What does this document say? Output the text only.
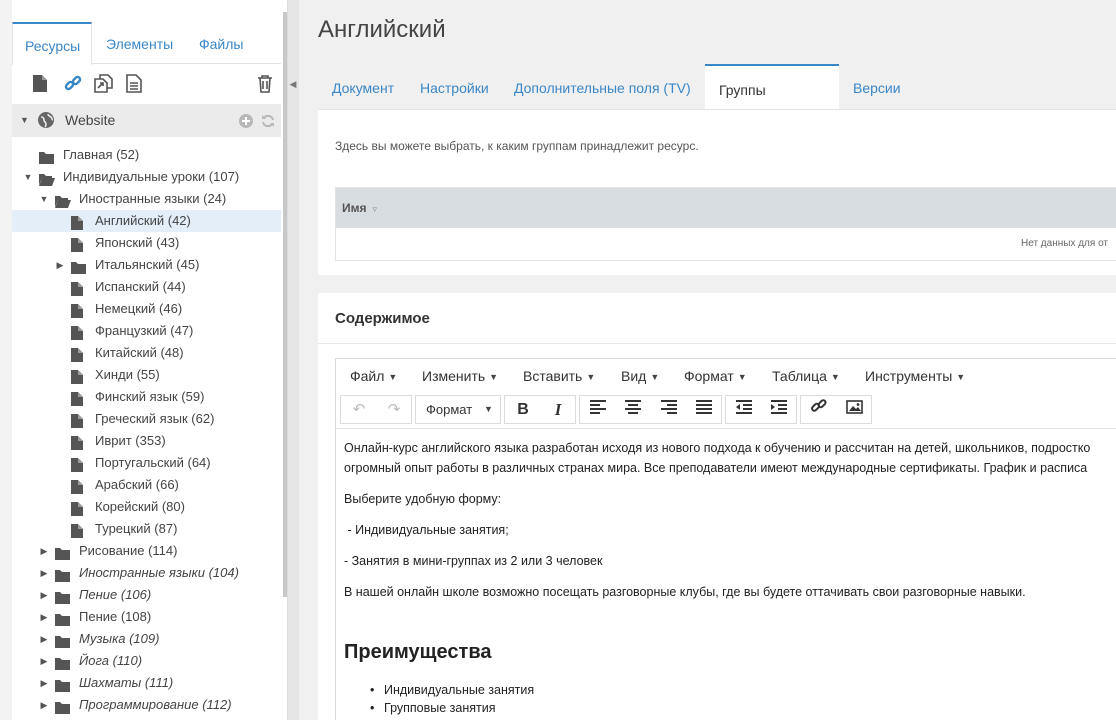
Ресурсы	Элементы	Файлы
▼	Website
Главная (52)
▼ Индивидуальные уроки (107)
▼ Иностранные языки (24)
Английский (42)
Японский (43)
▶ Итальянский (45)
Испанский (44)
Немецкий (46)
Французкий (47)
Китайский (48)
Хинди (55)
Финский язык (59)
Греческий язык (62)
Иврит (353)
Португальский (64)
Арабский (66)
Корейский (80)
Турецкий (87)
▶ Рисование (114)
▶ Иностранные языки (104)
▶ Пение (106)
▶ Пение (108)
▶ Музыка (109)
▶ Йога (110)
▶ Шахматы (111)
▶ Программирование (112)
◀
Английский
Документ	Настройки	Дополнительные поля (TV)	Группы	Версии
Здесь вы можете выбрать, к каким группам принадлежит ресурс.
Имя ▿
Нет данных для от
Содержимое
Файл ▼ Изменить ▼ Вставить ▼ Вид ▼ Формат ▼ Таблица ▼ Инструменты ▼
↶	↷	Формат ▼	B	I
Онлайн-курс английского языка разработан исходя из нового подхода к обучению и рассчитан на детей, школьников, подростко
огромный опыт работы в различных странах мира. Все преподаватели имеют международные сертификаты. График и расписа
Выберите удобную форму:
- Индивидуальные занятия;
- Занятия в мини-группах из 2 или 3 человек
В нашей онлайн школе возможно посещать разговорные клубы, где вы будете оттачивать свои разговорные навыки.
Преимущества
• Индивидуальные занятия
• Групповые занятия
